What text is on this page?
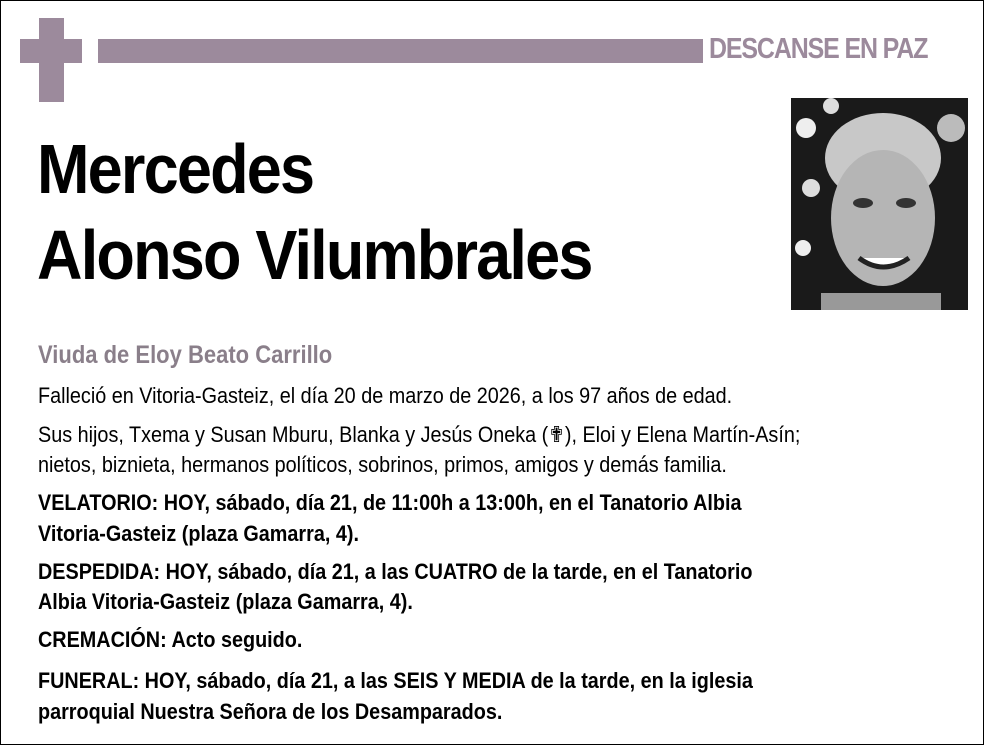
DESCANSE EN PAZ
Mercedes
Alonso Vilumbrales
Viuda de Eloy Beato Carrillo
Falleció en Vitoria-Gasteiz, el día 20 de marzo de 2026, a los 97 años de edad.
Sus hijos, Txema y Susan Mburu, Blanka y Jesús Oneka (✟), Eloi y Elena Martín-Asín;
nietos, biznieta, hermanos políticos, sobrinos, primos, amigos y demás familia.
VELATORIO: HOY, sábado, día 21, de 11:00h a 13:00h, en el Tanatorio Albia
Vitoria-Gasteiz (plaza Gamarra, 4).
DESPEDIDA: HOY, sábado, día 21, a las CUATRO de la tarde, en el Tanatorio
Albia Vitoria-Gasteiz (plaza Gamarra, 4).
CREMACIÓN: Acto seguido.
FUNERAL: HOY, sábado, día 21, a las SEIS Y MEDIA de la tarde, en la iglesia
parroquial Nuestra Señora de los Desamparados.
